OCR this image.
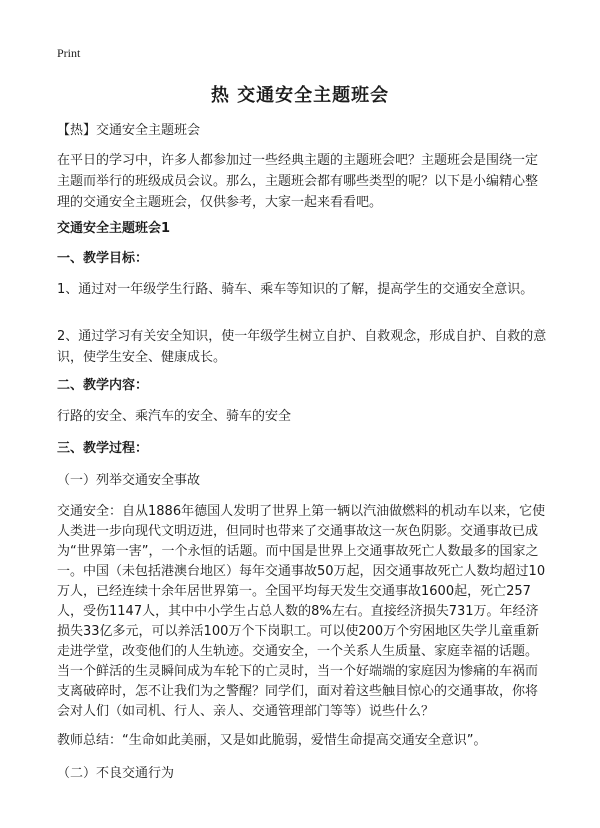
Print
热 交通安全主题班会
【热】交通安全主题班会
在平日的学习中，许多人都参加过一些经典主题的主题班会吧？主题班会是围绕一定主题而举行的班级成员会议。那么，主题班会都有哪些类型的呢？以下是小编精心整理的交通安全主题班会，仅供参考，大家一起来看看吧。
交通安全主题班会1
一、教学目标：
1、通过对一年级学生行路、骑车、乘车等知识的了解，提高学生的交通安全意识。
2、通过学习有关安全知识，使一年级学生树立自护、自救观念，形成自护、自救的意识，使学生安全、健康成长。
二、教学内容：
行路的安全、乘汽车的安全、骑车的安全
三、教学过程：
（一）列举交通安全事故
交通安全：自从1886年德国人发明了世界上第一辆以汽油做燃料的机动车以来，它使人类进一步向现代文明迈进，但同时也带来了交通事故这一灰色阴影。交通事故已成为“世界第一害”，一个永恒的话题。而中国是世界上交通事故死亡人数最多的国家之一。中国（未包括港澳台地区）每年交通事故50万起，因交通事故死亡人数均超过10万人，已经连续十余年居世界第一。全国平均每天发生交通事故1600起，死亡257人，受伤1147人，其中中小学生占总人数的8%左右。直接经济损失731万。年经济损失33亿多元，可以养活100万个下岗职工。可以使200万个穷困地区失学儿童重新走进学堂，改变他们的人生轨迹。交通安全，一个关系人生质量、家庭幸福的话题。当一个鲜活的生灵瞬间成为车轮下的亡灵时，当一个好端端的家庭因为惨痛的车祸而支离破碎时，怎不让我们为之警醒？同学们，面对着这些触目惊心的交通事故，你将会对人们（如司机、行人、亲人、交通管理部门等等）说些什么？
教师总结：“生命如此美丽，又是如此脆弱，爱惜生命提高交通安全意识”。
（二）不良交通行为
